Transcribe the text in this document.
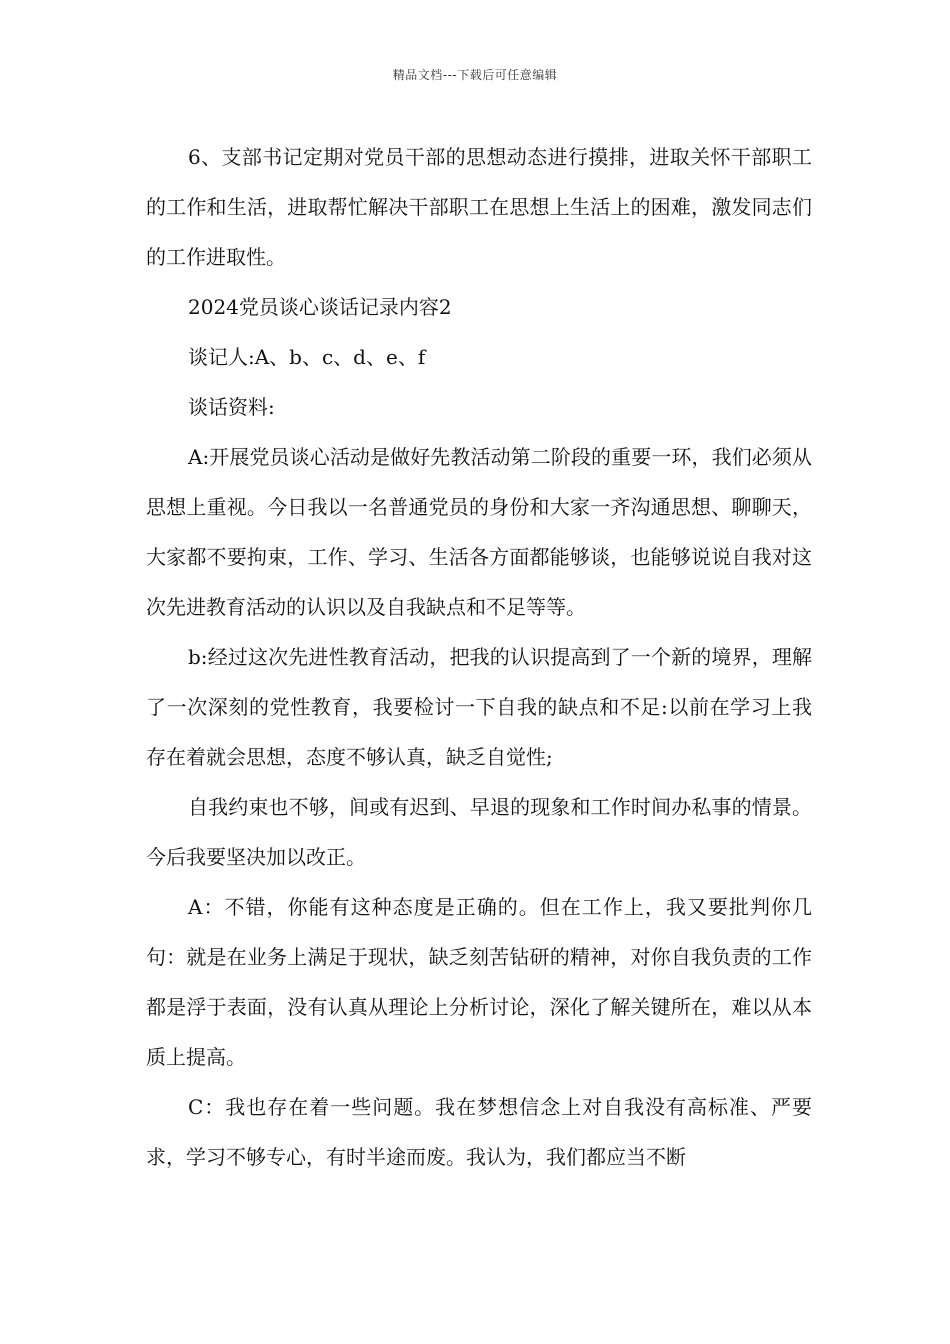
精品文档---下载后可任意编辑

6、支部书记定期对党员干部的思想动态进行摸排，进取关怀干部职工的工作和生活，进取帮忙解决干部职工在思想上生活上的困难，激发同志们的工作进取性。

2024党员谈心谈话记录内容2

谈记人:A、b、c、d、e、f

谈话资料:

A:开展党员谈心活动是做好先教活动第二阶段的重要一环，我们必须从思想上重视。今日我以一名普通党员的身份和大家一齐沟通思想、聊聊天，大家都不要拘束，工作、学习、生活各方面都能够谈，也能够说说自我对这次先进教育活动的认识以及自我缺点和不足等等。

b:经过这次先进性教育活动，把我的认识提高到了一个新的境界，理解了一次深刻的党性教育，我要检讨一下自我的缺点和不足:以前在学习上我存在着就会思想，态度不够认真，缺乏自觉性;

自我约束也不够，间或有迟到、早退的现象和工作时间办私事的情景。今后我要坚决加以改正。

A：不错，你能有这种态度是正确的。但在工作上，我又要批判你几句：就是在业务上满足于现状，缺乏刻苦钻研的精神，对你自我负责的工作都是浮于表面，没有认真从理论上分析讨论，深化了解关键所在，难以从本质上提高。

C：我也存在着一些问题。我在梦想信念上对自我没有高标准、严要求，学习不够专心，有时半途而废。我认为，我们都应当不断
